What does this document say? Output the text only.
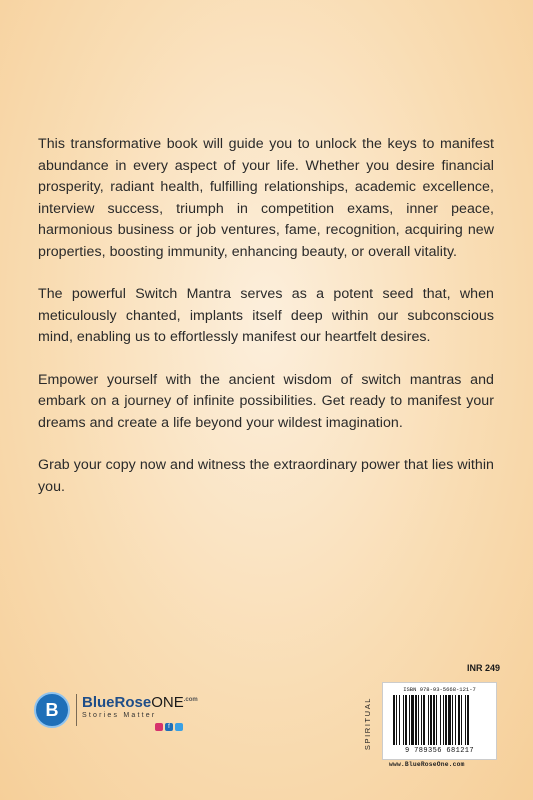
This transformative book will guide you to unlock the keys to manifest abundance in every aspect of your life. Whether you desire financial prosperity, radiant health, fulfilling relationships, academic excellence, interview success, triumph in competition exams, inner peace, harmonious business or job ventures, fame, recognition, acquiring new properties, boosting immunity, enhancing beauty, or overall vitality.

The powerful Switch Mantra serves as a potent seed that, when meticulously chanted, implants itself deep within our subconscious mind, enabling us to effortlessly manifest our heartfelt desires.

Empower yourself with the ancient wisdom of switch mantras and embark on a journey of infinite possibilities. Get ready to manifest your dreams and create a life beyond your wildest imagination.

Grab your copy now and witness the extraordinary power that lies within you.

B BlueRoseONE$^{.com}$
Stories Matter
f
INR 249
SPIRITUAL
ISBN 978-93-5668-121-7
9 789356 681217
www.BlueRoseOne.com
